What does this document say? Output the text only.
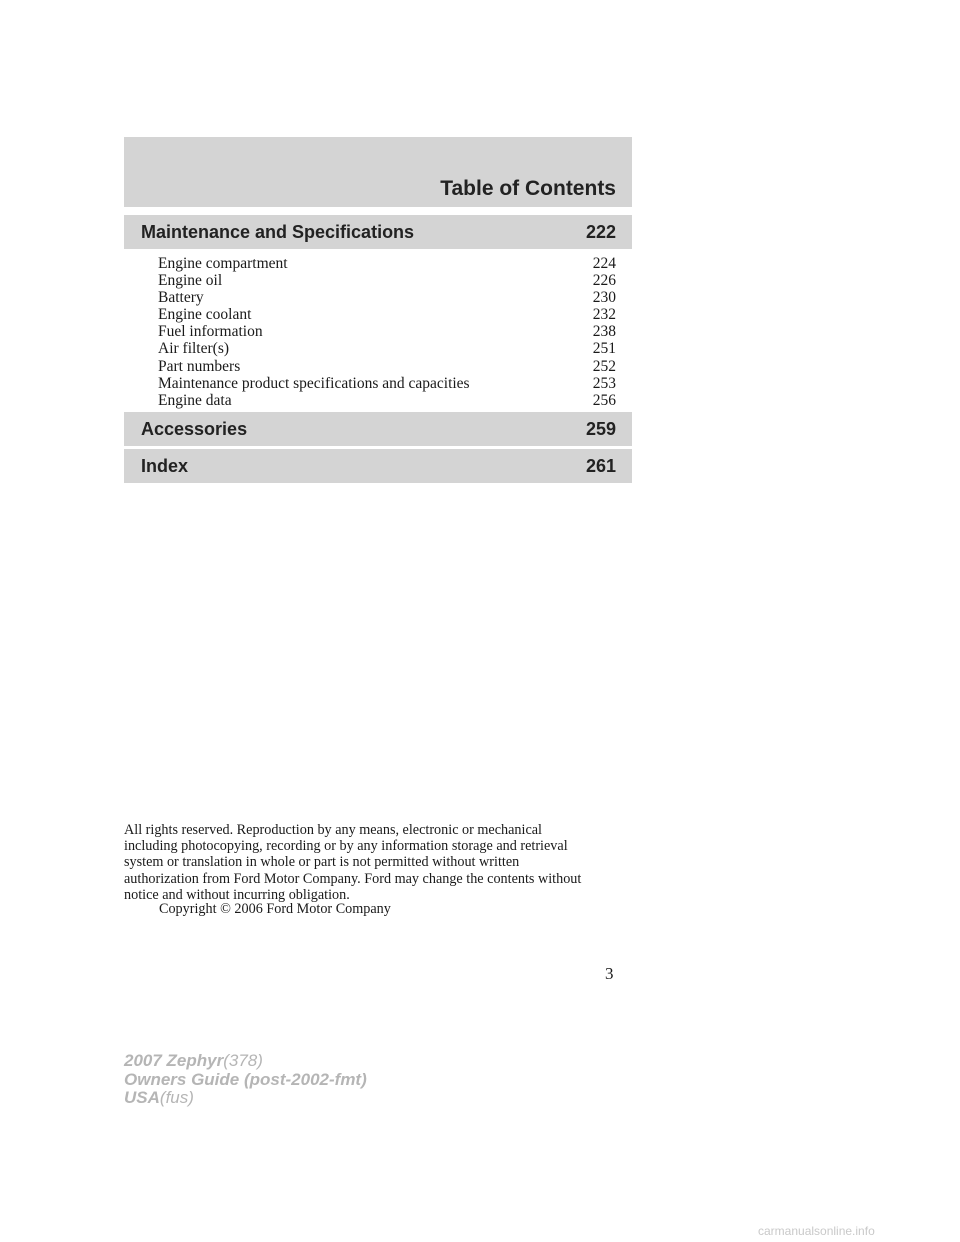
Table of Contents
Maintenance and Specifications	222
Engine compartment	224
Engine oil	226
Battery	230
Engine coolant	232
Fuel information	238
Air filter(s)	251
Part numbers	252
Maintenance product specifications and capacities	253
Engine data	256
Accessories	259
Index	261
All rights reserved. Reproduction by any means, electronic or mechanical
including photocopying, recording or by any information storage and retrieval
system or translation in whole or part is not permitted without written
authorization from Ford Motor Company. Ford may change the contents without
notice and without incurring obligation.
Copyright © 2006 Ford Motor Company
3
2007 Zephyr(378)
Owners Guide (post-2002-fmt)
USA(fus)
carmanualsonline.info
